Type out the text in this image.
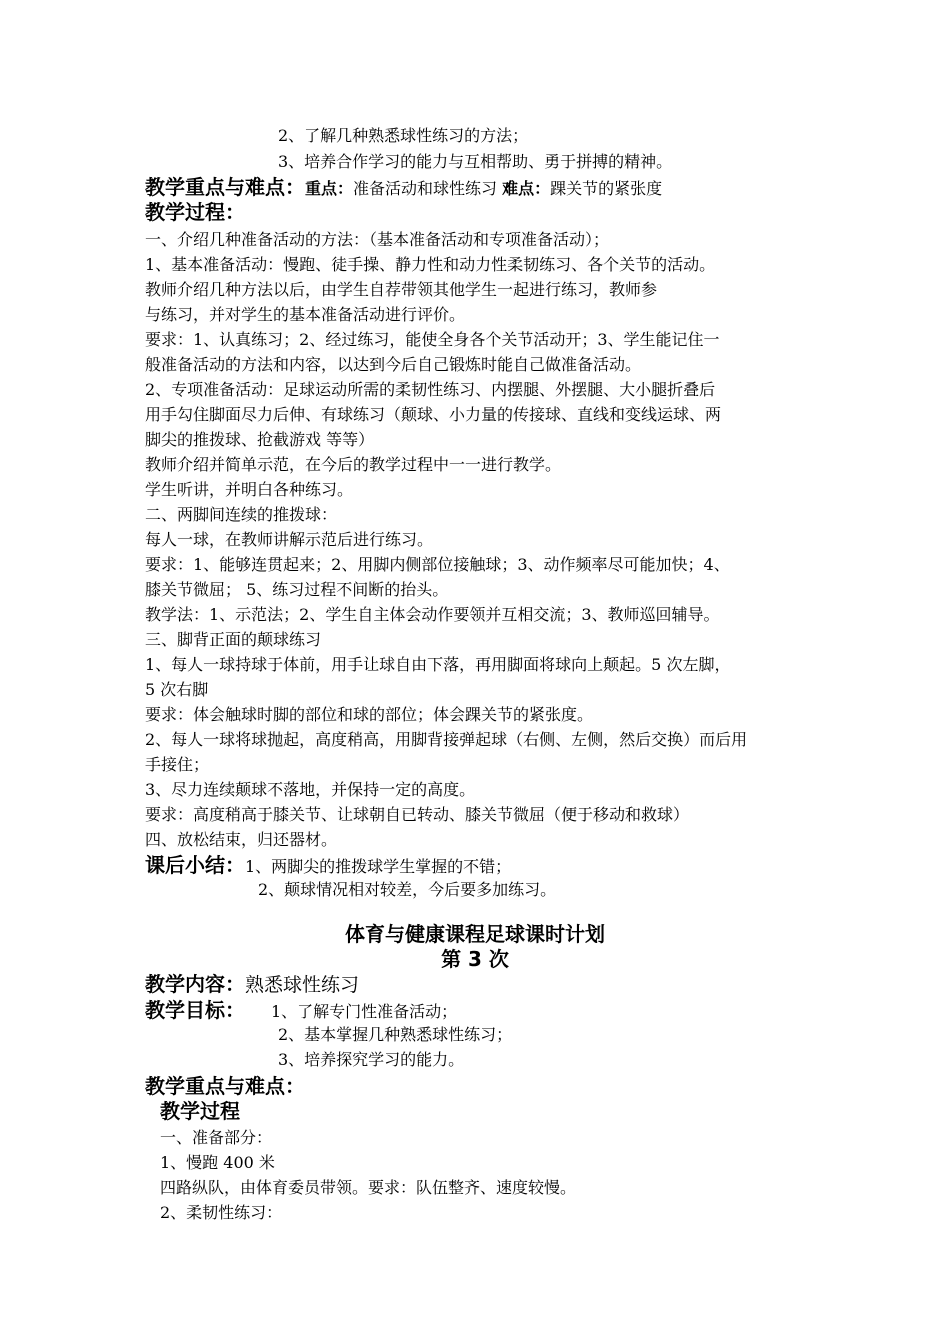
2、了解几种熟悉球性练习的方法；
3、培养合作学习的能力与互相帮助、勇于拼搏的精神。
教学重点与难点：重点：准备活动和球性练习 难点：踝关节的紧张度
教学过程：
一、介绍几种准备活动的方法：（基本准备活动和专项准备活动）；
1、基本准备活动：慢跑、徒手操、静力性和动力性柔韧练习、各个关节的活动。
教师介绍几种方法以后，由学生自荐带领其他学生一起进行练习，教师参
与练习，并对学生的基本准备活动进行评价。
要求：1、认真练习；2、经过练习，能使全身各个关节活动开；3、学生能记住一
般准备活动的方法和内容，以达到今后自己锻炼时能自己做准备活动。
2、专项准备活动：足球运动所需的柔韧性练习、内摆腿、外摆腿、大小腿折叠后
用手勾住脚面尽力后伸、有球练习（颠球、小力量的传接球、直线和变线运球、两
脚尖的推拨球、抢截游戏 等等）
教师介绍并简单示范，在今后的教学过程中一一进行教学。
学生听讲，并明白各种练习。
二、两脚间连续的推拨球：
每人一球，在教师讲解示范后进行练习。
要求：1、能够连贯起来；2、用脚内侧部位接触球；3、动作频率尽可能加快；4、
膝关节微屈； 5、练习过程不间断的抬头。
教学法：1、示范法；2、学生自主体会动作要领并互相交流；3、教师巡回辅导。
三、脚背正面的颠球练习
1、每人一球持球于体前，用手让球自由下落，再用脚面将球向上颠起。5 次左脚，
5 次右脚
要求：体会触球时脚的部位和球的部位；体会踝关节的紧张度。
2、每人一球将球抛起，高度稍高，用脚背接弹起球（右侧、左侧，然后交换）而后用
手接住；
3、尽力连续颠球不落地，并保持一定的高度。
要求：高度稍高于膝关节、让球朝自已转动、膝关节微屈（便于移动和救球）
四、放松结束，归还器材。
课后小结：1、两脚尖的推拨球学生掌握的不错；
2、颠球情况相对较差，今后要多加练习。
体育与健康课程足球课时计划
第 3 次
教学内容：熟悉球性练习
教学目标： 1、了解专门性准备活动；
2、基本掌握几种熟悉球性练习；
3、培养探究学习的能力。
教学重点与难点：
教学过程
一、准备部分：
1、慢跑 400 米
四路纵队，由体育委员带领。要求：队伍整齐、速度较慢。
2、柔韧性练习：
